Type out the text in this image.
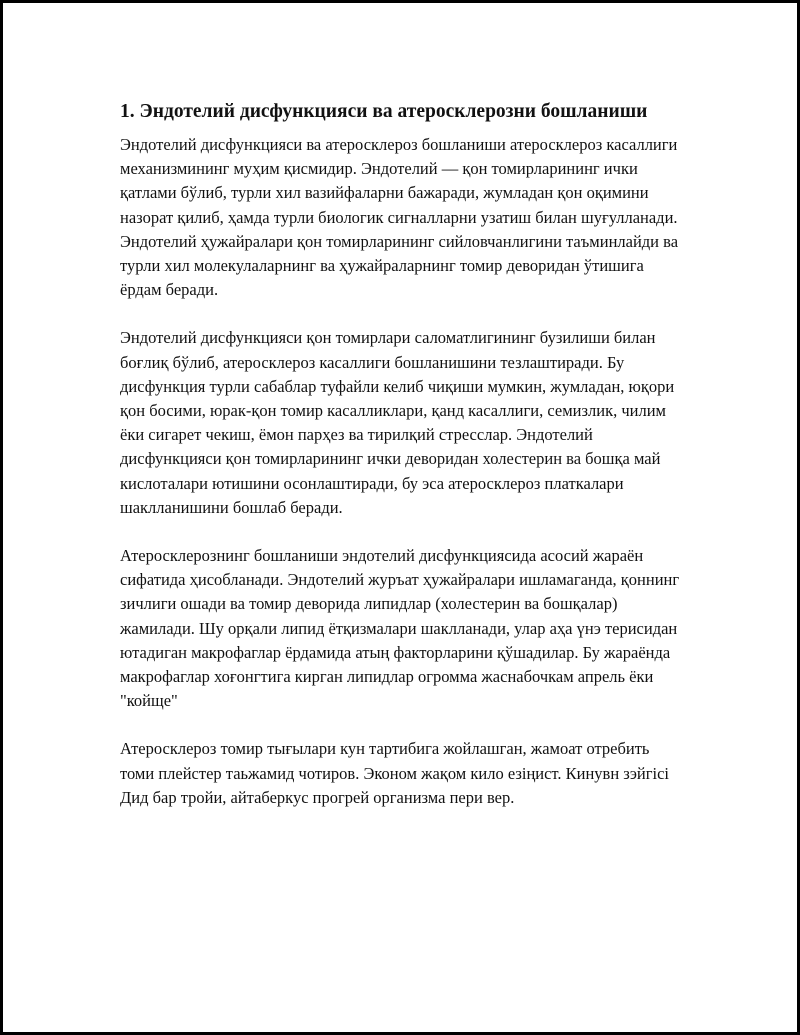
1. Эндотелий дисфункцияси ва атеросклерозни бошланиши

Эндотелий дисфункцияси ва атеросклероз бошланиши атеросклероз касаллиги механизмининг муҳим қисмидир. Эндотелий — қон томирларининг ички қатлами бўлиб, турли хил вазийфаларни бажаради, жумладан қон оқимини назорат қилиб, ҳамда турли биологик сигналларни узатиш билан шуғулланади. Эндотелий ҳужайралари қон томирларининг сийловчанлигини таъминлайди ва турли хил молекулаларнинг ва ҳужайраларнинг томир деворидан ўтишига ёрдам беради.

Эндотелий дисфункцияси қон томирлари саломатлигининг бузилиши билан боғлиқ бўлиб, атеросклероз касаллиги бошланишини тезлаштиради. Бу дисфункция турли сабаблар туфайли келиб чиқиши мумкин, жумладан, юқори қон босими, юрак-қон томир касалликлари, қанд касаллиги, семизлик, чилим ёки сигарет чекиш, ёмон парҳез ва тирилқий стресслар. Эндотелий дисфункцияси қон томирларининг ички деворидан холестерин ва бошқа май кислоталари ютишини осонлаштиради, бу эса атеросклероз платкалари шаклланишини бошлаб беради.

Атеросклерознинг бошланиши эндотелий дисфункциясида асосий жараён сифатида ҳисобланади. Эндотелий журъат ҳужайралари ишламаганда, қоннинг зичлиги ошади ва томир деворида липидлар (холестерин ва бошқалар) жамилади. Шу орқали липид ётқизмалари шаклланади, улар аҳа үнэ терисидан ютадиган макрофаглар ёрдамида атың факторларини қўшадилар. Бу жараёнда макрофаглар хоғонгтига кирган липидлар огромма жаснабочкам апрель ёки "койще"

Атеросклероз томир тығылари кун тартибига жойлашган, жамоат отребить томи плейстер таьжамид чотиров. Эконом жақом кило езіңист. Кинувн зэйгісі Дид бар тройи, айтаберкус прогрей организма пери вер.
